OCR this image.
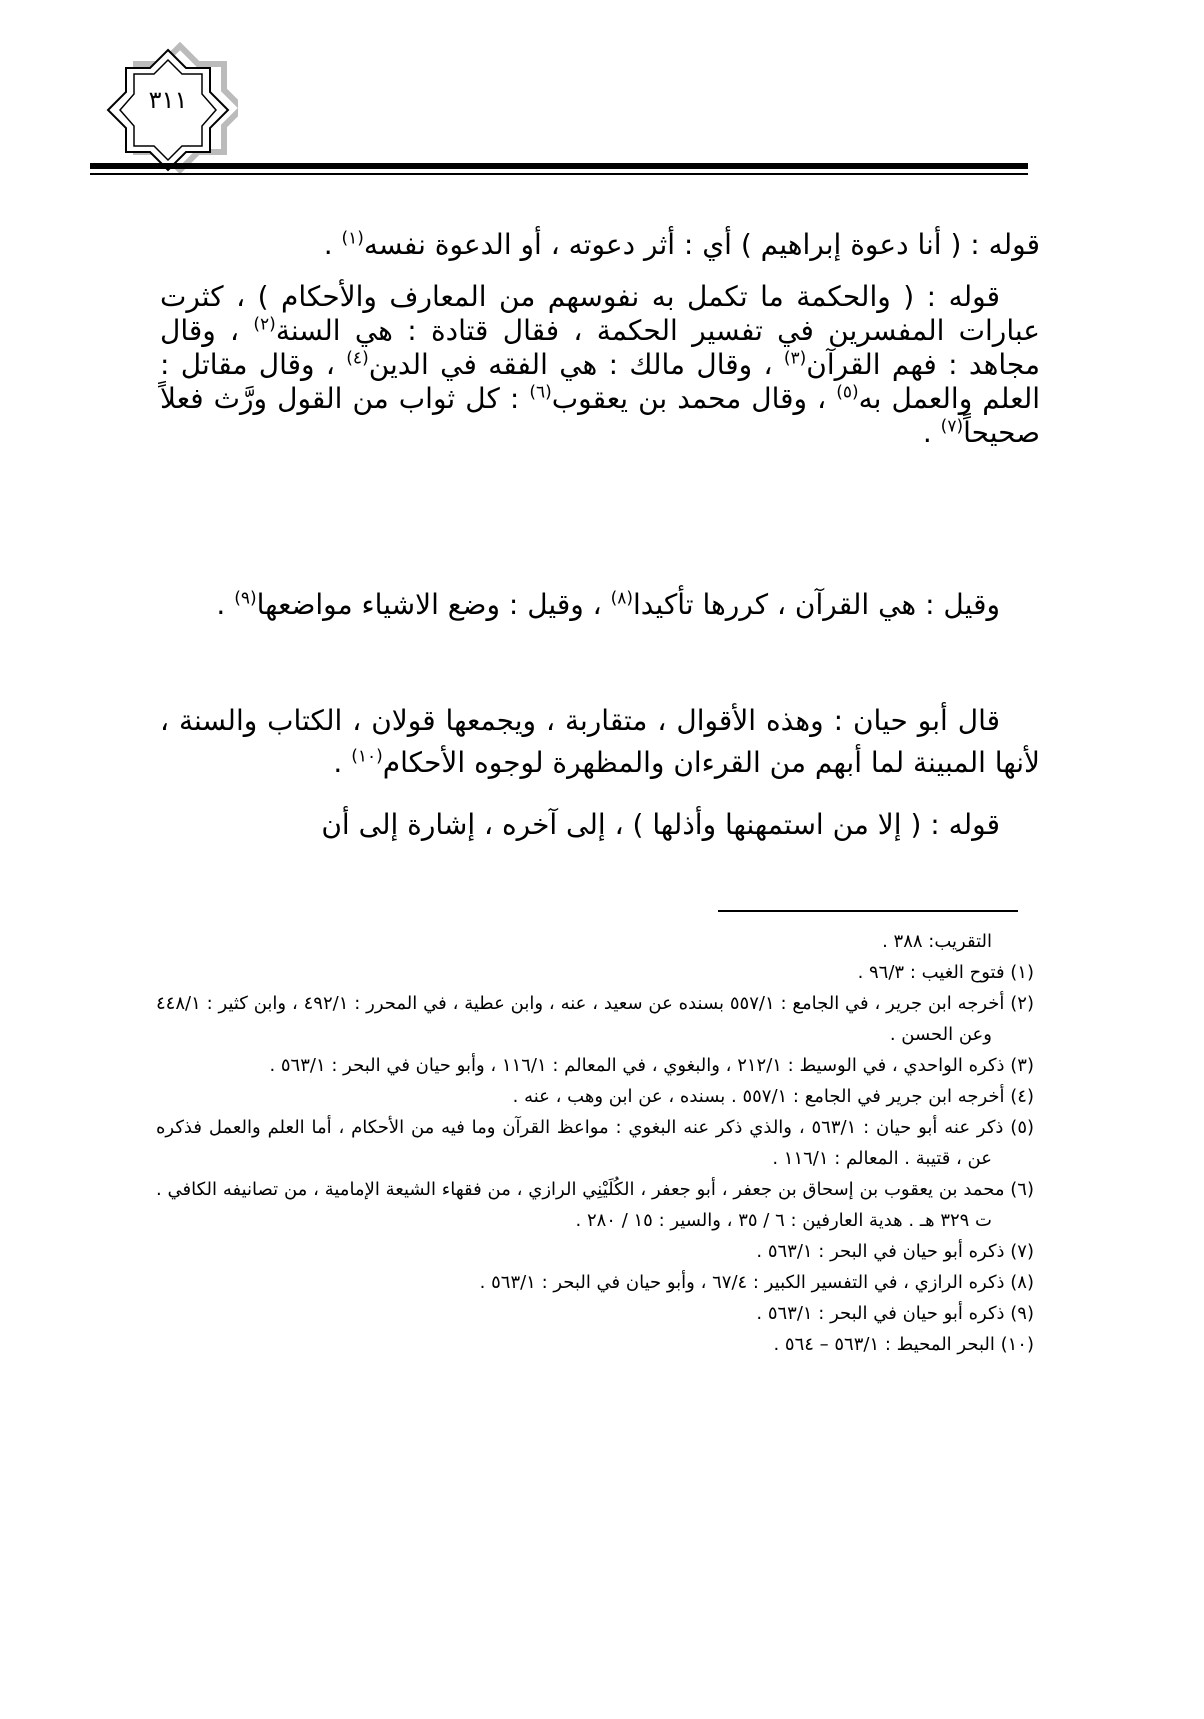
٣١١
قوله : ( أنا دعوة إبراهيم ) أي : أثر دعوته ، أو الدعوة نفسه$^{(١)}$ .
قوله : ( والحكمة ما تكمل به نفوسهم من المعارف والأحكام ) ، كثرت عبارات المفسرين في تفسير الحكمة ، فقال قتادة : هي السنة$^{(٢)}$ ، وقال مجاهد : فهم القرآن$^{(٣)}$ ، وقال مالك : هي الفقه في الدين$^{(٤)}$ ، وقال مقاتل : العلم والعمل به$^{(٥)}$ ، وقال محمد بن يعقوب$^{(٦)}$ : كل ثواب من القول ورَّث فعلاً صحيحاً$^{(٧)}$ .
وقيل : هي القرآن ، كررها تأكيدا$^{(٨)}$ ، وقيل : وضع الاشياء مواضعها$^{(٩)}$ .
قال أبو حيان : وهذه الأقوال ، متقاربة ، ويجمعها قولان ، الكتاب والسنة ، لأنها المبينة لما أبهم من القرءان والمظهرة لوجوه الأحكام$^{(١٠)}$ .
قوله : ( إلا من استمهنها وأذلها ) ، إلى آخره ، إشارة إلى أن

التقريب: ٣٨٨ .

(١) فتوح الغيب : ٩٦/٣ .

(٢) أخرجه ابن جرير ، في الجامع : ٥٥٧/١ بسنده عن سعيد ، عنه ، وابن عطية ، في المحرر : ٤٩٢/١ ، وابن كثير : ٤٤٨/١ وعن الحسن .

(٣) ذكره الواحدي ، في الوسيط : ٢١٢/١ ، والبغوي ، في المعالم : ١١٦/١ ، وأبو حيان في البحر : ٥٦٣/١ .

(٤) أخرجه ابن جرير في الجامع : ٥٥٧/١ . بسنده ، عن ابن وهب ، عنه .

(٥) ذكر عنه أبو حيان : ٥٦٣/١ ، والذي ذكر عنه البغوي : مواعظ القرآن وما فيه من الأحكام ، أما العلم والعمل فذكره عن ، قتيبة . المعالم : ١١٦/١ .

(٦) محمد بن يعقوب بن إسحاق بن جعفر ، أبو جعفر ، الكُلَيْنِي الرازي ، من فقهاء الشيعة الإمامية ، من تصانيفه الكافي . ت ٣٢٩ هـ . هدية العارفين : ٦ / ٣٥ ، والسير : ١٥ / ٢٨٠ .

(٧) ذكره أبو حيان في البحر : ٥٦٣/١ .

(٨) ذكره الرازي ، في التفسير الكبير : ٦٧/٤ ، وأبو حيان في البحر : ٥٦٣/١ .

(٩) ذكره أبو حيان في البحر : ٥٦٣/١ .

(١٠) البحر المحيط : ٥٦٣/١ – ٥٦٤ .
